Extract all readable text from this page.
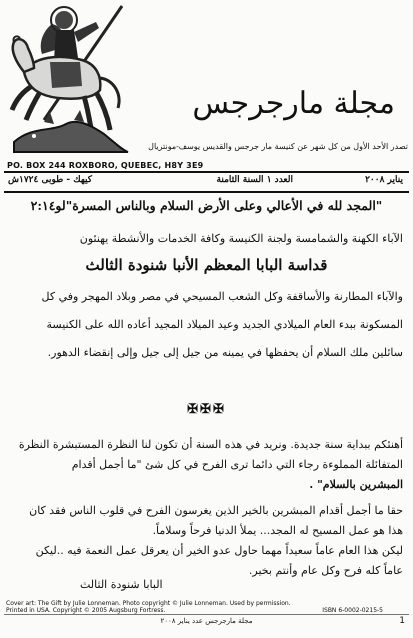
مجلة مارجرجس
تصدر الأحد الأول من كل شهر عن كنيسة مار جرجس والقديس يوسف-مونتريال
PO. BOX 244 ROXBORO, QUEBEC, H8Y 3E9
يناير ٢٠٠٨
العدد ١ السنة الثامنة
كيهك - طوبى ١٧٢٤ش
"المجد لله في الأعالي وعلى الأرض السلام وبالناس المسرة"لو٢:١٤
الآباء الكهنة والشمامسة ولجنة الكنيسة وكافة الخدمات والأنشطة يهنئون
قداسة البابا المعظم الأنبا شنودة الثالث
والآباء المطارنة والأساقفة وكل الشعب المسيحي في مصر وبلاد المهجر وفي كل
المسكونة ببدء العام الميلادي الجديد وعيد الميلاد المجيد أعاده الله على الكنيسة
سائلين ملك السلام أن يحفظها في يمينه من جيل إلى جيل وإلى إنقضاء الدهور.
✠✠✠
أهنئكم ببداية سنة جديدة. ونريد في هذه السنة أن تكون لنا النظرة المستبشرة النظرة
المتفائلة المملوءة رجاء التي دائما ترى الفرح في كل شئ "ما أجمل أقدام
المبشرين بالسلام" .
حقا ما أجمل أقدام المبشرين بالخير الذين يغرسون الفرح في قلوب الناس فقد كان
هذا هو عمل المسيح له المجد... يملأ الدنيا فرحاً وسلاماً.
ليكن هذا العام عاماً سعيداً مهما حاول عدو الخير أن يعرقل عمل النعمة فيه ..ليكن
عاماً كله فرح وكل عام وأنتم بخير.
البابا شنودة الثالث
Cover art: The Gift by Julie Lonneman. Photo copyright © Julie Lonneman. Used by permission.
Printed in USA. Copyright © 2005 Augsburg Fortress.	ISBN 6-0002-0215-5
مجلة مارجرجس عدد يناير ٢٠٠٨	1
